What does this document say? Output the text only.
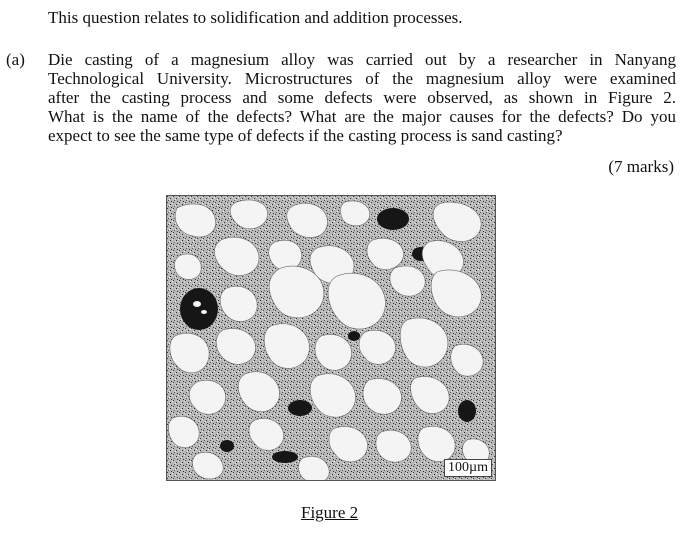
This question relates to solidification and addition processes.
(a) Die casting of a magnesium alloy was carried out by a researcher in Nanyang
Technological University. Microstructures of the magnesium alloy were examined
after the casting process and some defects were observed, as shown in Figure 2.
What is the name of the defects? What are the major causes for the defects? Do you
expect to see the same type of defects if the casting process is sand casting?
(7 marks)
100µm
Figure 2
